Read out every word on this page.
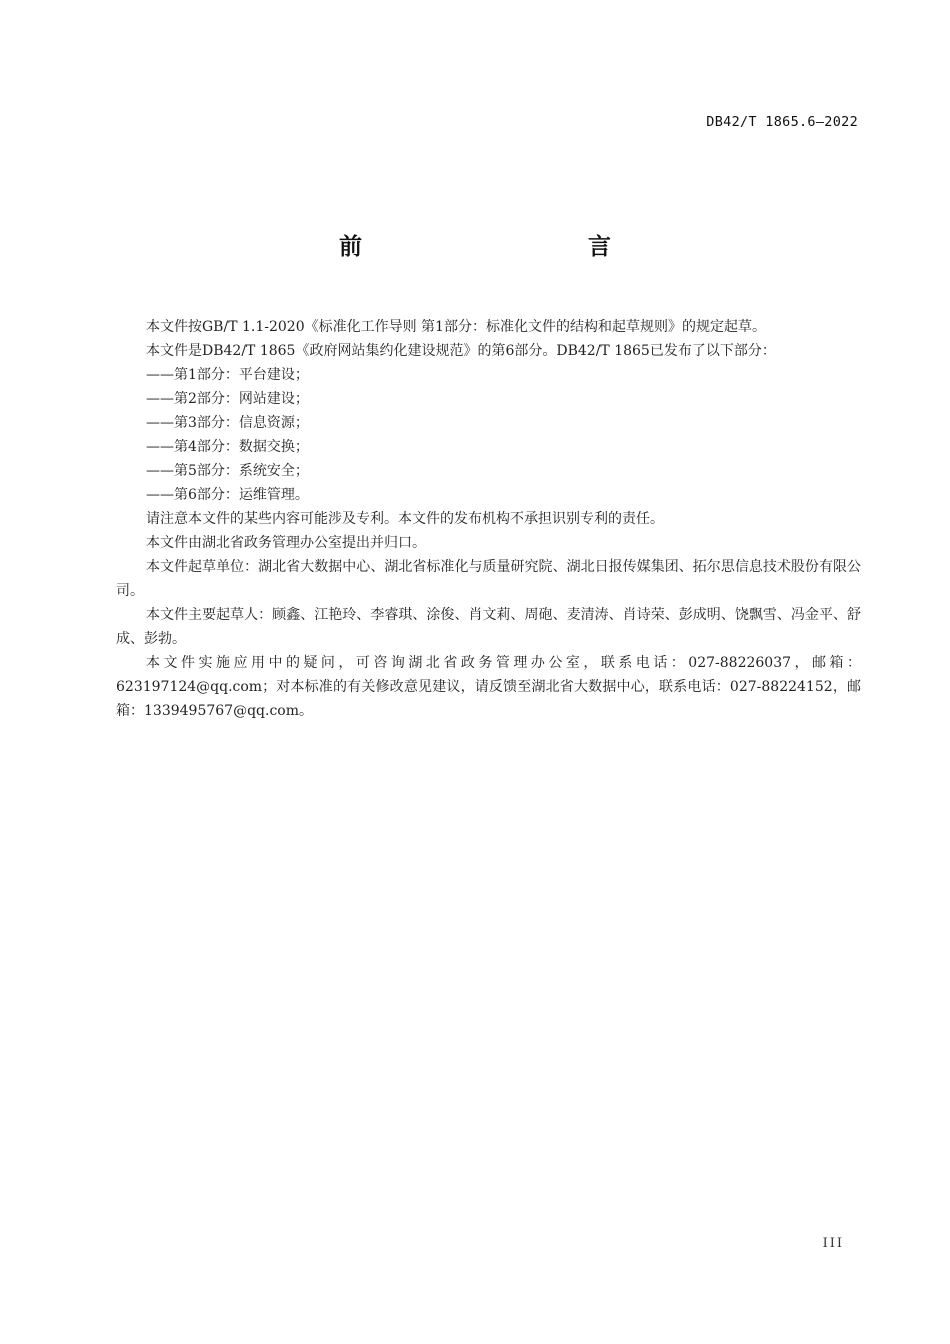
DB42/T 1865.6—2022
前　　言

本文件按GB/T 1.1-2020《标准化工作导则 第1部分：标准化文件的结构和起草规则》的规定起草。

本文件是DB42/T 1865《政府网站集约化建设规范》的第6部分。DB42/T 1865已发布了以下部分：

——第1部分：平台建设；

——第2部分：网站建设；

——第3部分：信息资源；

——第4部分：数据交换；

——第5部分：系统安全；

——第6部分：运维管理。

请注意本文件的某些内容可能涉及专利。本文件的发布机构不承担识别专利的责任。

本文件由湖北省政务管理办公室提出并归口。

本文件起草单位：湖北省大数据中心、湖北省标准化与质量研究院、湖北日报传媒集团、拓尔思信息技术股份有限公司。

本文件主要起草人：顾鑫、江艳玲、李睿琪、涂俊、肖文莉、周砲、麦清涛、肖诗荣、彭成明、饶飘雪、冯金平、舒成、彭勃。

本文件实施应用中的疑问，可咨询湖北省政务管理办公室，联系电话：027-88226037，邮箱：623197124@qq.com；对本标准的有关修改意见建议，请反馈至湖北省大数据中心，联系电话：027-88224152，邮箱：1339495767@qq.com。

III
